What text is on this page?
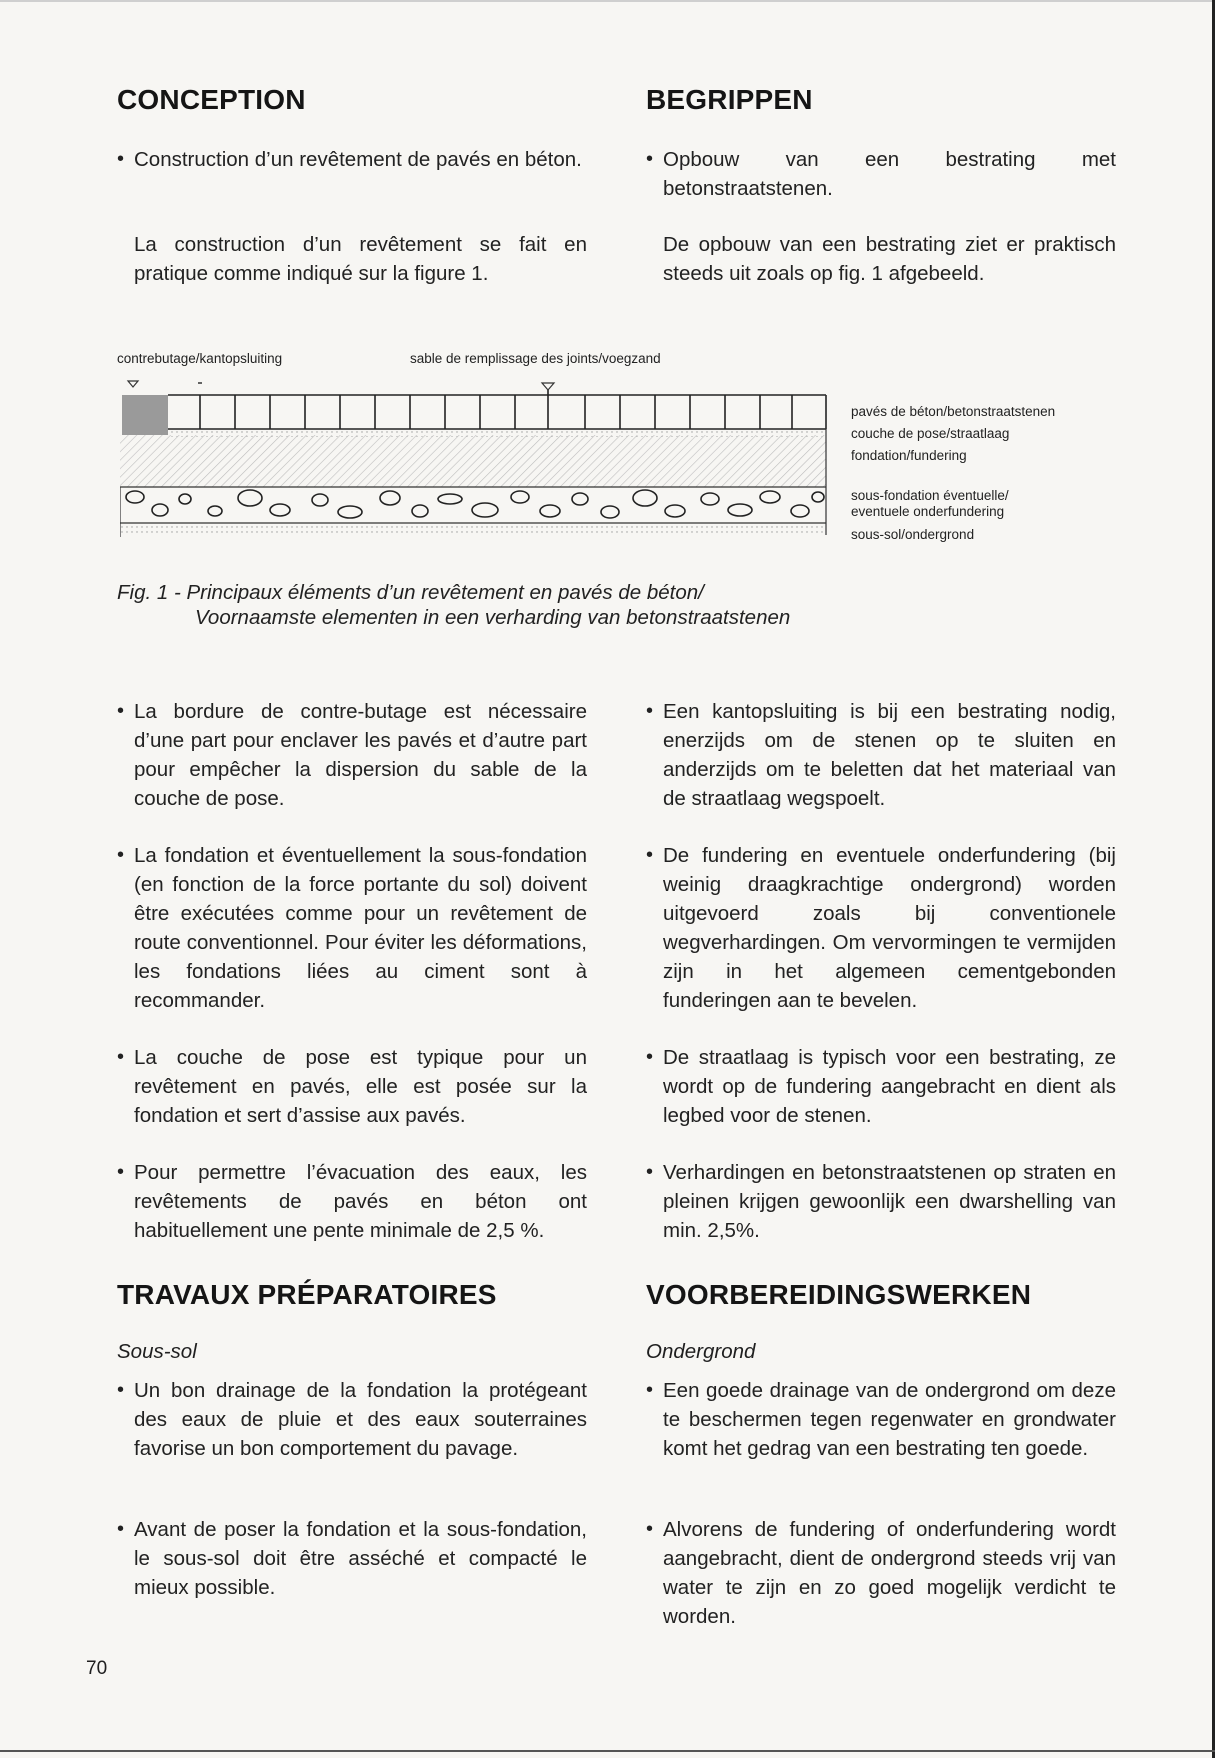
CONCEPTION	BEGRIPPEN
• Construction d’un revêtement de pavés en béton.	• Opbouw van een bestrating met betonstraatstenen.

La construction d’un revêtement se fait en pratique comme indiqué sur la figure 1.

De opbouw van een bestrating ziet er praktisch steeds uit zoals op fig. 1 afgebeeld.

contrebutage/kantopsluiting	sable de remplissage des joints/voegzand
pavés de béton/betonstraatstenen
couche de pose/straatlaag
fondation/fundering
sous-fondation éventuelle/
eventuele onderfundering
sous-sol/ondergrond
Fig. 1 - Principaux éléments d’un revêtement en pavés de béton/
Voornaamste elementen in een verharding van betonstraatstenen
• La bordure de contre-butage est nécessaire d’une part pour enclaver les pavés et d’autre part pour empêcher la dispersion du sable de la couche de pose.
• Een kantopsluiting is bij een bestrating nodig, enerzijds om de stenen op te sluiten en anderzijds om te beletten dat het materiaal van de straatlaag wegspoelt.
• La fondation et éventuellement la sous-fondation (en fonction de la force portante du sol) doivent être exécutées comme pour un revêtement de route conventionnel. Pour éviter les déformations, les fondations liées au ciment sont à recommander.
• De fundering en eventuele onderfundering (bij weinig draagkrachtige ondergrond) worden uitgevoerd zoals bij conventionele wegverhardingen. Om vervormingen te vermijden zijn in het algemeen cementgebonden funderingen aan te bevelen.
• La couche de pose est typique pour un revêtement en pavés, elle est posée sur la fondation et sert d’assise aux pavés.
• De straatlaag is typisch voor een bestrating, ze wordt op de fundering aangebracht en dient als legbed voor de stenen.
• Pour permettre l’évacuation des eaux, les revêtements de pavés en béton ont habituellement une pente minimale de 2,5 %.
• Verhardingen en betonstraatstenen op straten en pleinen krijgen gewoonlijk een dwarshelling van min. 2,5%.
TRAVAUX PRÉPARATOIRES	VOORBEREIDINGSWERKEN
Sous-sol	Ondergrond
• Un bon drainage de la fondation la protégeant des eaux de pluie et des eaux souterraines favorise un bon comportement du pavage.
• Een goede drainage van de ondergrond om deze te beschermen tegen regenwater en grondwater komt het gedrag van een bestrating ten goede.
• Avant de poser la fondation et la sous-fondation, le sous-sol doit être asséché et compacté le mieux possible.
• Alvorens de fundering of onderfundering wordt aangebracht, dient de ondergrond steeds vrij van water te zijn en zo goed mogelijk verdicht te worden.
70
